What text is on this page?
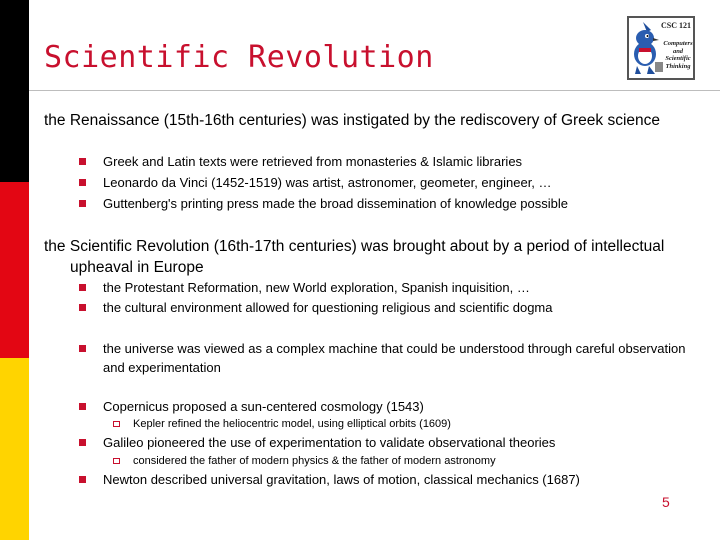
Scientific Revolution
CSC 121
Computers and Scientific Thinking
the Renaissance (15th-16th centuries) was instigated by the rediscovery of Greek science
Greek and Latin texts were retrieved from monasteries & Islamic libraries
Leonardo da Vinci (1452-1519) was artist, astronomer, geometer, engineer, …
Guttenberg's printing press made the broad dissemination of knowledge possible
the Scientific Revolution (16th-17th centuries) was brought about by a period of intellectual upheaval in Europe
the Protestant Reformation, new World exploration, Spanish inquisition, …
the cultural environment allowed for questioning religious and scientific dogma
the universe was viewed as a complex machine that could be understood through careful observation and experimentation
Copernicus proposed a sun-centered cosmology (1543)
Kepler refined the heliocentric model, using elliptical orbits (1609)
Galileo pioneered the use of experimentation to validate observational theories
considered the father of modern physics & the father of modern astronomy
Newton described universal gravitation, laws of motion, classical mechanics (1687)
5
